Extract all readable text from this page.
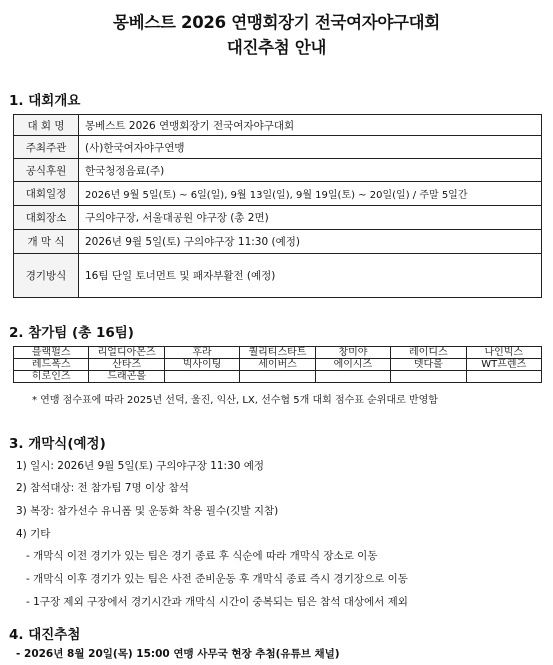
몽베스트 2026 연맹회장기 전국여자야구대회
대진추첨 안내
1. 대회개요
대 회 명	몽베스트 2026 연맹회장기 전국여자야구대회
주최주관	(사)한국여자야구연맹
공식후원	한국청정음료(주)
대회일정	2026년 9월 5일(토) ~ 6일(일), 9월 13일(일), 9월 19일(토) ~ 20일(일) / 주말 5일간
대회장소	구의야구장, 서울대공원 야구장 (총 2면)
개 막 식	2026년 9월 5일(토) 구의야구장 11:30 (예정)
경기방식	16팀 단일 토너먼트 및 패자부활전 (예정)
2. 참가팀 (총 16팀)
블랙펄스	리얼디아몬즈	후라	퀄리티스타트	창미야	레이디스	나인빅스
레드폭스	산타즈	빅사이팅	세이버스	에이시즈	뎃다볼	WT프렌즈
히로인즈	드래곤볼					
* 연맹 점수표에 따라 2025년 선덕, 울진, 익산, LX, 선수협 5개 대회 점수표 순위대로 반영함
3. 개막식(예정)
1) 일시: 2026년 9월 5일(토) 구의야구장 11:30 예정
2) 참석대상: 전 참가팀 7명 이상 참석
3) 복장: 참가선수 유니폼 및 운동화 착용 필수(깃발 지참)
4) 기타
- 개막식 이전 경기가 있는 팀은 경기 종료 후 식순에 따라 개막식 장소로 이동
- 개막식 이후 경기가 있는 팀은 사전 준비운동 후 개막식 종료 즉시 경기장으로 이동
- 1구장 제외 구장에서 경기시간과 개막식 시간이 중복되는 팀은 참석 대상에서 제외
4. 대진추첨
- 2026년 8월 20일(목) 15:00 연맹 사무국 현장 추첨(유튜브 채널)
